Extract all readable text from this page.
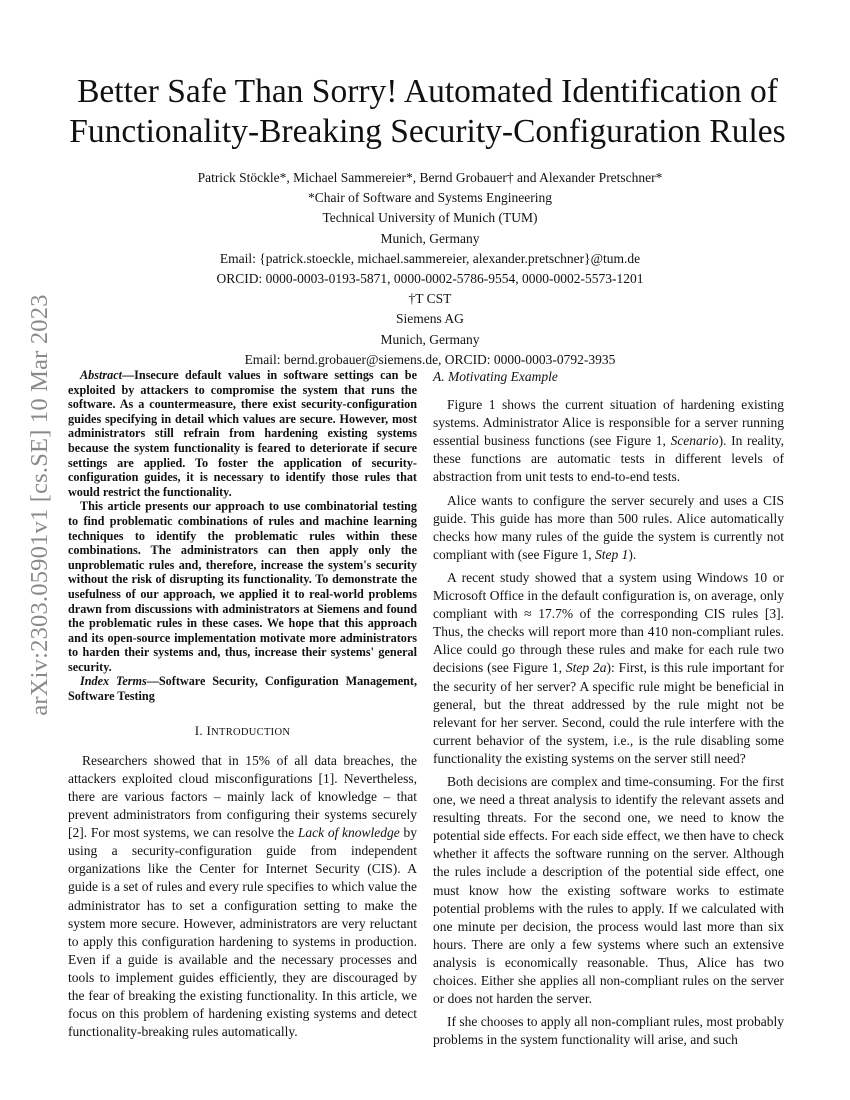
arXiv:2303.05901v1 [cs.SE] 10 Mar 2023
Better Safe Than Sorry! Automated Identification of
Functionality-Breaking Security-Configuration Rules
Patrick Stöckle*, Michael Sammereier*, Bernd Grobauer† and Alexander Pretschner*
*Chair of Software and Systems Engineering
Technical University of Munich (TUM)
Munich, Germany
Email: {patrick.stoeckle, michael.sammereier, alexander.pretschner}@tum.de
ORCID: 0000-0003-0193-5871, 0000-0002-5786-9554, 0000-0002-5573-1201
†T CST
Siemens AG
Munich, Germany
Email: bernd.grobauer@siemens.de, ORCID: 0000-0003-0792-3935

Abstract—Insecure default values in software settings can be exploited by attackers to compromise the system that runs the software. As a countermeasure, there exist security-configuration guides specifying in detail which values are secure. However, most administrators still refrain from hardening existing systems because the system functionality is feared to deteriorate if secure settings are applied. To foster the application of security-configuration guides, it is necessary to identify those rules that would restrict the functionality.

This article presents our approach to use combinatorial testing to find problematic combinations of rules and machine learning techniques to identify the problematic rules within these combinations. The administrators can then apply only the unproblematic rules and, therefore, increase the system's security without the risk of disrupting its functionality. To demonstrate the usefulness of our approach, we applied it to real-world problems drawn from discussions with administrators at Siemens and found the problematic rules in these cases. We hope that this approach and its open-source implementation motivate more administrators to harden their systems and, thus, increase their systems' general security.

Index Terms—Software Security, Configuration Management, Software Testing

I. INTRODUCTION

Researchers showed that in 15% of all data breaches, the attackers exploited cloud misconfigurations [1]. Nevertheless, there are various factors – mainly lack of knowledge – that prevent administrators from configuring their systems securely [2]. For most systems, we can resolve the Lack of knowledge by using a security-configuration guide from independent organizations like the Center for Internet Security (CIS). A guide is a set of rules and every rule specifies to which value the administrator has to set a configuration setting to make the system more secure. However, administrators are very reluctant to apply this configuration hardening to systems in production. Even if a guide is available and the necessary processes and tools to implement guides efficiently, they are discouraged by the fear of breaking the existing functionality. In this article, we focus on this problem of hardening existing systems and detect functionality-breaking rules automatically.

A. Motivating Example

Figure 1 shows the current situation of hardening existing systems. Administrator Alice is responsible for a server running essential business functions (see Figure 1, Scenario). In reality, these functions are automatic tests in different levels of abstraction from unit tests to end-to-end tests.

Alice wants to configure the server securely and uses a CIS guide. This guide has more than 500 rules. Alice automatically checks how many rules of the guide the system is currently not compliant with (see Figure 1, Step 1).

A recent study showed that a system using Windows 10 or Microsoft Office in the default configuration is, on average, only compliant with ≈ 17.7% of the corresponding CIS rules [3]. Thus, the checks will report more than 410 non-compliant rules. Alice could go through these rules and make for each rule two decisions (see Figure 1, Step 2a): First, is this rule important for the security of her server? A specific rule might be beneficial in general, but the threat addressed by the rule might not be relevant for her server. Second, could the rule interfere with the current behavior of the system, i.e., is the rule disabling some functionality the existing systems on the server still need?

Both decisions are complex and time-consuming. For the first one, we need a threat analysis to identify the relevant assets and resulting threats. For the second one, we need to know the potential side effects. For each side effect, we then have to check whether it affects the software running on the server. Although the rules include a description of the potential side effect, one must know how the existing software works to estimate potential problems with the rules to apply. If we calculated with one minute per decision, the process would last more than six hours. There are only a few systems where such an extensive analysis is economically reasonable. Thus, Alice has two choices. Either she applies all non-compliant rules on the server or does not harden the server.

If she chooses to apply all non-compliant rules, most probably problems in the system functionality will arise, and such
